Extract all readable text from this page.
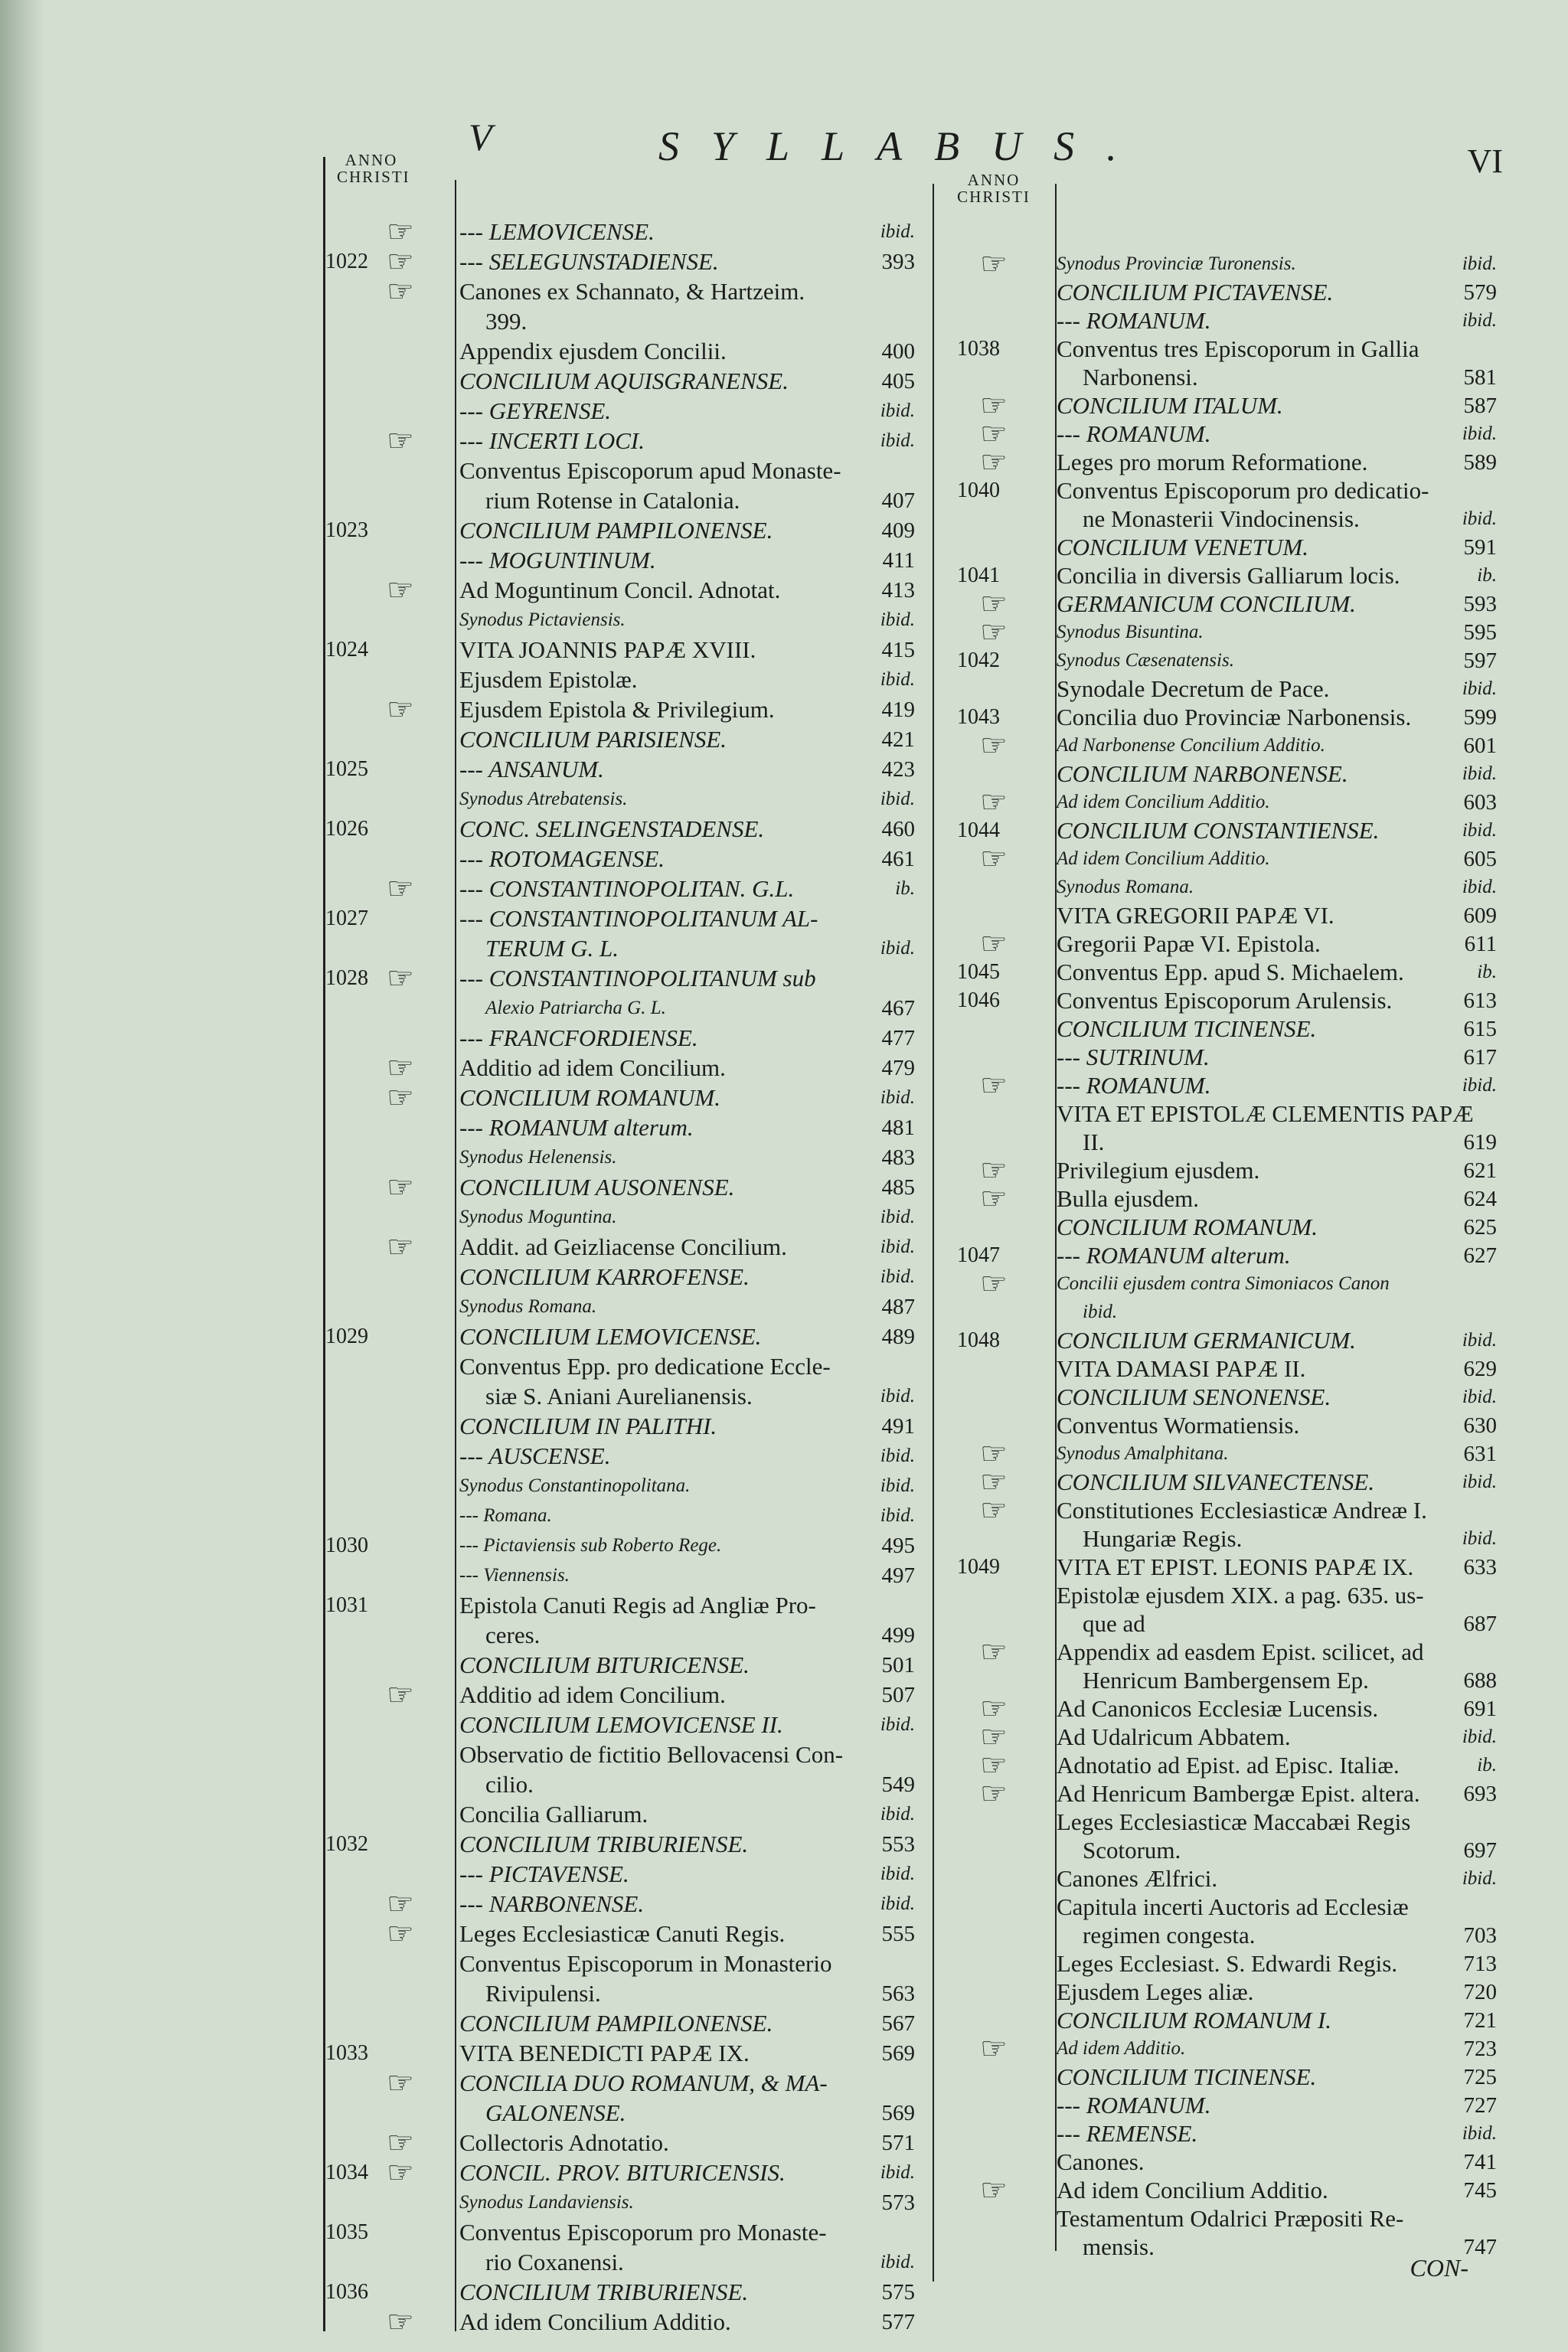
V	SYLLABUS.	VI
ANNO
CHRISTI	ANNO
CHRISTI
☞ --- LEMOVICENSE.	ibid.
1022 ☞ --- SELEGUNSTADIENSE.	393
☞ Canones ex Schannato, & Hartzeim.
399.
Appendix ejusdem Concilii.	400
CONCILIUM AQUISGRANENSE.	405
--- GEYRENSE.	ibid.
☞ --- INCERTI LOCI.	ibid.
Conventus Episcoporum apud Monaste-
rium Rotense in Catalonia.	407
1023	CONCILIUM PAMPILONENSE.	409
--- MOGUNTINUM.	411
☞ Ad Moguntinum Concil. Adnotat.	413
Synodus Pictaviensis.	ibid.
1024	VITA JOANNIS PAPÆ XVIII.	415
Ejusdem Epistolæ.	ibid.
☞ Ejusdem Epistola & Privilegium.	419
CONCILIUM PARISIENSE.	421
1025	--- ANSANUM.	423
Synodus Atrebatensis.	ibid.
1026	CONC. SELINGENSTADENSE.	460
--- ROTOMAGENSE.	461
☞ --- CONSTANTINOPOLITAN. G.L.	ib.
1027	--- CONSTANTINOPOLITANUM AL-
TERUM G. L.	ibid.
1028 ☞ --- CONSTANTINOPOLITANUM sub
Alexio Patriarcha G. L.	467
--- FRANCFORDIENSE.	477
☞ Additio ad idem Concilium.	479
☞ CONCILIUM ROMANUM.	ibid.
--- ROMANUM alterum.	481
Synodus Helenensis.	483
☞ CONCILIUM AUSONENSE.	485
Synodus Moguntina.	ibid.
☞ Addit. ad Geizliacense Concilium.	ibid.
CONCILIUM KARROFENSE.	ibid.
Synodus Romana.	487
1029	CONCILIUM LEMOVICENSE.	489
Conventus Epp. pro dedicatione Eccle-
siæ S. Aniani Aurelianensis.	ibid.
CONCILIUM IN PALITHI.	491
--- AUSCENSE.	ibid.
Synodus Constantinopolitana.	ibid.
--- Romana.	ibid.
1030	--- Pictaviensis sub Roberto Rege.	495
--- Viennensis.	497
1031	Epistola Canuti Regis ad Angliæ Pro-
ceres.	499
CONCILIUM BITURICENSE.	501
☞ Additio ad idem Concilium.	507
CONCILIUM LEMOVICENSE II.	ibid.
Observatio de fictitio Bellovacensi Con-
cilio.	549
Concilia Galliarum.	ibid.
1032	CONCILIUM TRIBURIENSE.	553
--- PICTAVENSE.	ibid.
☞ --- NARBONENSE.	ibid.
☞ Leges Ecclesiasticæ Canuti Regis.	555
Conventus Episcoporum in Monasterio
Rivipulensi.	563
CONCILIUM PAMPILONENSE.	567
1033	VITA BENEDICTI PAPÆ IX.	569
☞ CONCILIA DUO ROMANUM, & MA-
GALONENSE.	569
☞ Collectoris Adnotatio.	571
1034 ☞ CONCIL. PROV. BITURICENSIS.	ibid.
Synodus Landaviensis.	573
1035	Conventus Episcoporum pro Monaste-
rio Coxanensi.	ibid.
1036	CONCILIUM TRIBURIENSE.	575
☞ Ad idem Concilium Additio.	577
☞	Synodus Provinciæ Turonensis.	ibid.
CONCILIUM PICTAVENSE.	579
--- ROMANUM.	ibid.
1038 Conventus tres Episcoporum in Gallia
Narbonensi.	581
☞ CONCILIUM ITALUM.	587
☞ --- ROMANUM.	ibid.
☞ Leges pro morum Reformatione.	589
1040 Conventus Episcoporum pro dedicatio-
ne Monasterii Vindocinensis.	ibid.
CONCILIUM VENETUM.	591
1041 Concilia in diversis Galliarum locis.	ib.
☞ GERMANICUM CONCILIUM.	593
☞	Synodus Bisuntina.	595
1042	Synodus Cæsenatensis.	597
Synodale Decretum de Pace.	ibid.
1043 Concilia duo Provinciæ Narbonensis. 599
☞	Ad Narbonense Concilium Additio.	601
CONCILIUM NARBONENSE.	ibid.
☞	Ad idem Concilium Additio.	603
1044 CONCILIUM CONSTANTIENSE.	ibid.
☞	Ad idem Concilium Additio.	605
Synodus Romana.	ibid.
VITA GREGORII PAPÆ VI.	609
☞ Gregorii Papæ VI. Epistola.	611
1045 Conventus Epp. apud S. Michaelem.	ib.
1046 Conventus Episcoporum Arulensis.	613
CONCILIUM TICINENSE.	615
--- SUTRINUM.	617
☞ --- ROMANUM.	ibid.
VITA ET EPISTOLÆ CLEMENTIS PAPÆ
II.	619
☞ Privilegium ejusdem.	621
☞ Bulla ejusdem.	624
CONCILIUM ROMANUM.	625
1047 --- ROMANUM alterum.	627
☞	Concilii ejusdem contra Simoniacos Canon
ibid.
1048 CONCILIUM GERMANICUM.	ibid.
VITA DAMASI PAPÆ II.	629
CONCILIUM SENONENSE.	ibid.
Conventus Wormatiensis.	630
☞	Synodus Amalphitana.	631
☞ CONCILIUM SILVANECTENSE.	ibid.
☞ Constitutiones Ecclesiasticæ Andreæ I.
Hungariæ Regis.	ibid.
1049 VITA ET EPIST. LEONIS PAPÆ IX. 633
Epistolæ ejusdem XIX. a pag. 635. us-
que ad	687
☞ Appendix ad easdem Epist. scilicet, ad
Henricum Bambergensem Ep.	688
☞ Ad Canonicos Ecclesiæ Lucensis.	691
☞ Ad Udalricum Abbatem.	ibid.
☞ Adnotatio ad Epist. ad Episc. Italiæ.	ib.
☞ Ad Henricum Bambergæ Epist. altera. 693
Leges Ecclesiasticæ Maccabæi Regis
Scotorum.	697
Canones Ælfrici.	ibid.
Capitula incerti Auctoris ad Ecclesiæ
regimen congesta.	703
Leges Ecclesiast. S. Edwardi Regis.	713
Ejusdem Leges aliæ.	720
CONCILIUM ROMANUM I.	721
☞	Ad idem Additio.	723
CONCILIUM TICINENSE.	725
--- ROMANUM.	727
--- REMENSE.	ibid.
Canones.	741
☞ Ad idem Concilium Additio.	745
Testamentum Odalrici Præpositi Re-
mensis.	747
CON-
